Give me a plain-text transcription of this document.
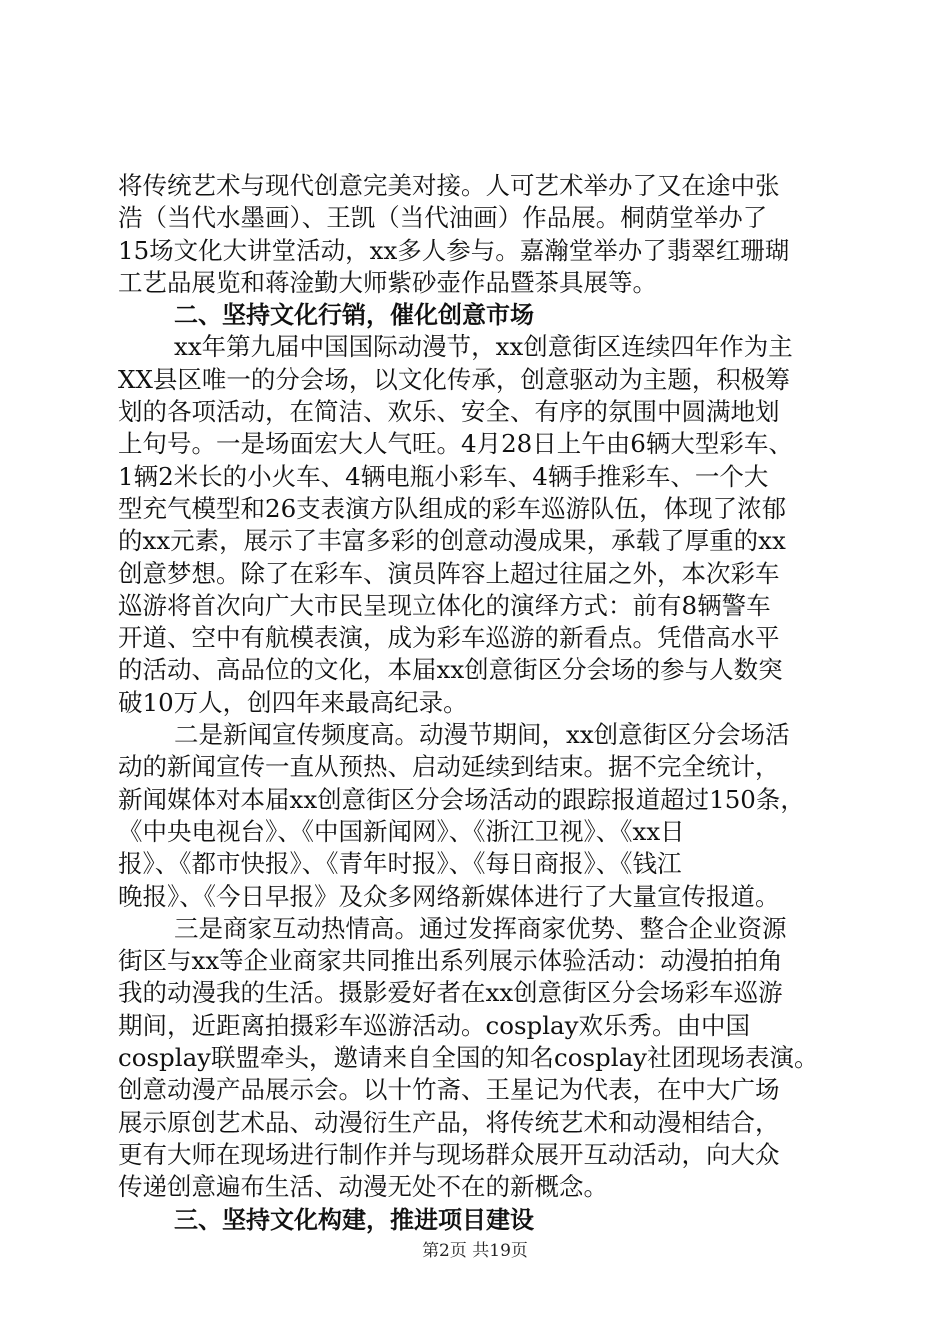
将传统艺术与现代创意完美对接。人可艺术举办了又在途中张
浩（当代水墨画）、王凯（当代油画）作品展。桐荫堂举办了
15场文化大讲堂活动，xx多人参与。嘉瀚堂举办了翡翠红珊瑚
工艺品展览和蒋淦勤大师紫砂壶作品暨茶具展等。
二、坚持文化行销，催化创意市场
xx年第九届中国国际动漫节，xx创意街区连续四年作为主
XX县区唯一的分会场，以文化传承，创意驱动为主题，积极筹
划的各项活动，在简洁、欢乐、安全、有序的氛围中圆满地划
上句号。一是场面宏大人气旺。4月28日上午由6辆大型彩车、
1辆2米长的小火车、4辆电瓶小彩车、4辆手推彩车、一个大
型充气模型和26支表演方队组成的彩车巡游队伍，体现了浓郁
的xx元素，展示了丰富多彩的创意动漫成果，承载了厚重的xx
创意梦想。除了在彩车、演员阵容上超过往届之外，本次彩车
巡游将首次向广大市民呈现立体化的演绎方式：前有8辆警车
开道、空中有航模表演，成为彩车巡游的新看点。凭借高水平
的活动、高品位的文化，本届xx创意街区分会场的参与人数突
破10万人，创四年来最高纪录。
二是新闻宣传频度高。动漫节期间，xx创意街区分会场活
动的新闻宣传一直从预热、启动延续到结束。据不完全统计，
新闻媒体对本届xx创意街区分会场活动的跟踪报道超过150条，
《中央电视台》、《中国新闻网》、《浙江卫视》、《xx日
报》、《都市快报》、《青年时报》、《每日商报》、《钱江
晚报》、《今日早报》及众多网络新媒体进行了大量宣传报道。
三是商家互动热情高。通过发挥商家优势、整合企业资源
街区与xx等企业商家共同推出系列展示体验活动：动漫拍拍角
我的动漫我的生活。摄影爱好者在xx创意街区分会场彩车巡游
期间，近距离拍摄彩车巡游活动。cosplay欢乐秀。由中国
cosplay联盟牵头，邀请来自全国的知名cosplay社团现场表演。
创意动漫产品展示会。以十竹斋、王星记为代表，在中大广场
展示原创艺术品、动漫衍生产品，将传统艺术和动漫相结合，
更有大师在现场进行制作并与现场群众展开互动活动，向大众
传递创意遍布生活、动漫无处不在的新概念。
三、坚持文化构建，推进项目建设
第2页 共19页
